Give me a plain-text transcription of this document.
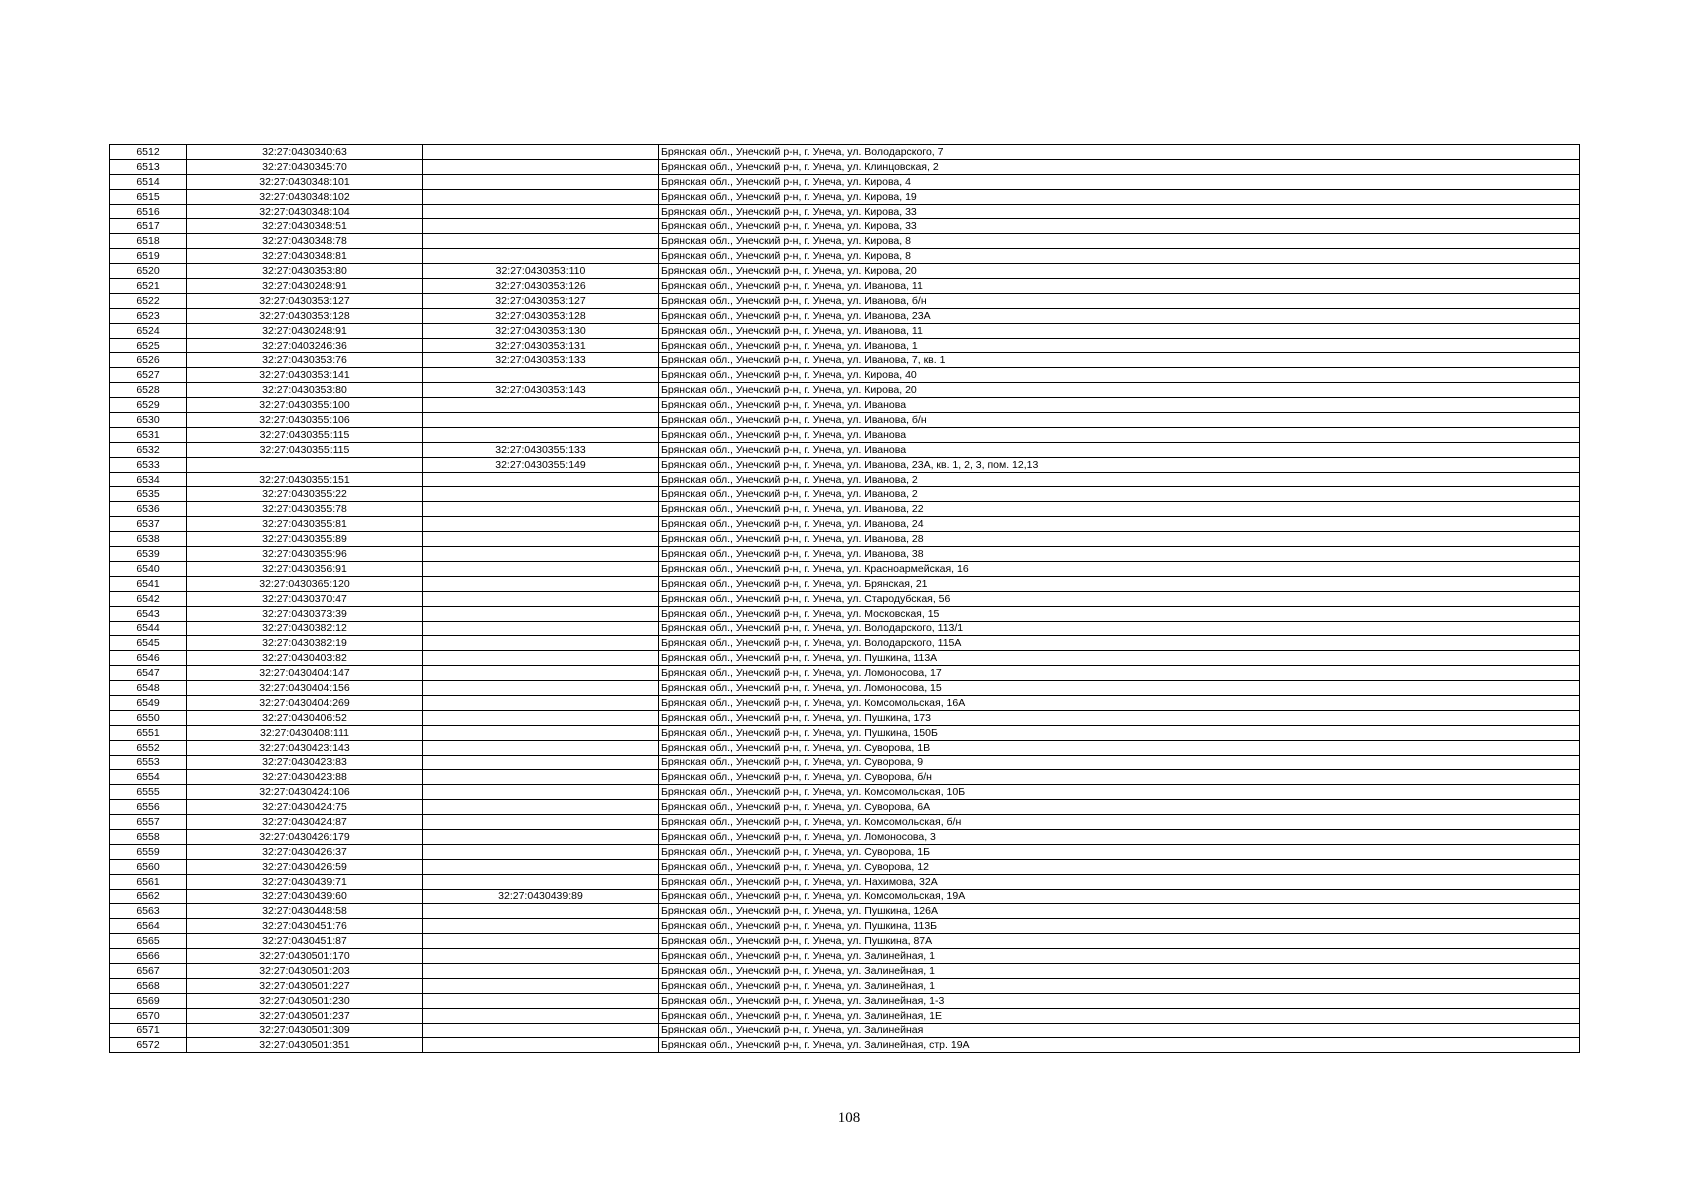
6512	32:27:0430340:63		Брянская обл., Унечский р-н, г. Унеча, ул. Володарского, 7
6513	32:27:0430345:70		Брянская обл., Унечский р-н, г. Унеча, ул. Клинцовская, 2
6514	32:27:0430348:101		Брянская обл., Унечский р-н, г. Унеча, ул. Кирова, 4
6515	32:27:0430348:102		Брянская обл., Унечский р-н, г. Унеча, ул. Кирова, 19
6516	32:27:0430348:104		Брянская обл., Унечский р-н, г. Унеча, ул. Кирова, 33
6517	32:27:0430348:51		Брянская обл., Унечский р-н, г. Унеча, ул. Кирова, 33
6518	32:27:0430348:78		Брянская обл., Унечский р-н, г. Унеча, ул. Кирова, 8
6519	32:27:0430348:81		Брянская обл., Унечский р-н, г. Унеча, ул. Кирова, 8
6520	32:27:0430353:80	32:27:0430353:110	Брянская обл., Унечский р-н, г. Унеча, ул. Кирова, 20
6521	32:27:0430248:91	32:27:0430353:126	Брянская обл., Унечский р-н, г. Унеча, ул. Иванова, 11
6522	32:27:0430353:127	32:27:0430353:127	Брянская обл., Унечский р-н, г. Унеча, ул. Иванова, б/н
6523	32:27:0430353:128	32:27:0430353:128	Брянская обл., Унечский р-н, г. Унеча, ул. Иванова, 23А
6524	32:27:0430248:91	32:27:0430353:130	Брянская обл., Унечский р-н, г. Унеча, ул. Иванова, 11
6525	32:27:0403246:36	32:27:0430353:131	Брянская обл., Унечский р-н, г. Унеча, ул. Иванова, 1
6526	32:27:0430353:76	32:27:0430353:133	Брянская обл., Унечский р-н, г. Унеча, ул. Иванова, 7, кв. 1
6527	32:27:0430353:141		Брянская обл., Унечский р-н, г. Унеча, ул. Кирова, 40
6528	32:27:0430353:80	32:27:0430353:143	Брянская обл., Унечский р-н, г. Унеча, ул. Кирова, 20
6529	32:27:0430355:100		Брянская обл., Унечский р-н, г. Унеча, ул. Иванова
6530	32:27:0430355:106		Брянская обл., Унечский р-н, г. Унеча, ул. Иванова, б/н
6531	32:27:0430355:115		Брянская обл., Унечский р-н, г. Унеча, ул. Иванова
6532	32:27:0430355:115	32:27:0430355:133	Брянская обл., Унечский р-н, г. Унеча, ул. Иванова
6533		32:27:0430355:149	Брянская обл., Унечский р-н, г. Унеча, ул. Иванова, 23А, кв. 1, 2, 3, пом. 12,13
6534	32:27:0430355:151		Брянская обл., Унечский р-н, г. Унеча, ул. Иванова, 2
6535	32:27:0430355:22		Брянская обл., Унечский р-н, г. Унеча, ул. Иванова, 2
6536	32:27:0430355:78		Брянская обл., Унечский р-н, г. Унеча, ул. Иванова, 22
6537	32:27:0430355:81		Брянская обл., Унечский р-н, г. Унеча, ул. Иванова, 24
6538	32:27:0430355:89		Брянская обл., Унечский р-н, г. Унеча, ул. Иванова, 28
6539	32:27:0430355:96		Брянская обл., Унечский р-н, г. Унеча, ул. Иванова, 38
6540	32:27:0430356:91		Брянская обл., Унечский р-н, г. Унеча, ул. Красноармейская, 16
6541	32:27:0430365:120		Брянская обл., Унечский р-н, г. Унеча, ул. Брянская, 21
6542	32:27:0430370:47		Брянская обл., Унечский р-н, г. Унеча, ул. Стародубская, 56
6543	32:27:0430373:39		Брянская обл., Унечский р-н, г. Унеча, ул. Московская, 15
6544	32:27:0430382:12		Брянская обл., Унечский р-н, г. Унеча, ул. Володарского, 113/1
6545	32:27:0430382:19		Брянская обл., Унечский р-н, г. Унеча, ул. Володарского, 115А
6546	32:27:0430403:82		Брянская обл., Унечский р-н, г. Унеча, ул. Пушкина, 113А
6547	32:27:0430404:147		Брянская обл., Унечский р-н, г. Унеча, ул. Ломоносова, 17
6548	32:27:0430404:156		Брянская обл., Унечский р-н, г. Унеча, ул. Ломоносова, 15
6549	32:27:0430404:269		Брянская обл., Унечский р-н, г. Унеча, ул. Комсомольская, 16А
6550	32:27:0430406:52		Брянская обл., Унечский р-н, г. Унеча, ул. Пушкина, 173
6551	32:27:0430408:111		Брянская обл., Унечский р-н, г. Унеча, ул. Пушкина, 150Б
6552	32:27:0430423:143		Брянская обл., Унечский р-н, г. Унеча, ул. Суворова, 1В
6553	32:27:0430423:83		Брянская обл., Унечский р-н, г. Унеча, ул. Суворова, 9
6554	32:27:0430423:88		Брянская обл., Унечский р-н, г. Унеча, ул. Суворова, б/н
6555	32:27:0430424:106		Брянская обл., Унечский р-н, г. Унеча, ул. Комсомольская, 10Б
6556	32:27:0430424:75		Брянская обл., Унечский р-н, г. Унеча, ул. Суворова, 6А
6557	32:27:0430424:87		Брянская обл., Унечский р-н, г. Унеча, ул. Комсомольская, б/н
6558	32:27:0430426:179		Брянская обл., Унечский р-н, г. Унеча, ул. Ломоносова, 3
6559	32:27:0430426:37		Брянская обл., Унечский р-н, г. Унеча, ул. Суворова, 1Б
6560	32:27:0430426:59		Брянская обл., Унечский р-н, г. Унеча, ул. Суворова, 12
6561	32:27:0430439:71		Брянская обл., Унечский р-н, г. Унеча, ул. Нахимова, 32А
6562	32:27:0430439:60	32:27:0430439:89	Брянская обл., Унечский р-н, г. Унеча, ул. Комсомольская, 19А
6563	32:27:0430448:58		Брянская обл., Унечский р-н, г. Унеча, ул. Пушкина, 126А
6564	32:27:0430451:76		Брянская обл., Унечский р-н, г. Унеча, ул. Пушкина, 113Б
6565	32:27:0430451:87		Брянская обл., Унечский р-н, г. Унеча, ул. Пушкина, 87А
6566	32:27:0430501:170		Брянская обл., Унечский р-н, г. Унеча, ул. Залинейная, 1
6567	32:27:0430501:203		Брянская обл., Унечский р-н, г. Унеча, ул. Залинейная, 1
6568	32:27:0430501:227		Брянская обл., Унечский р-н, г. Унеча, ул. Залинейная, 1
6569	32:27:0430501:230		Брянская обл., Унечский р-н, г. Унеча, ул. Залинейная, 1-3
6570	32:27:0430501:237		Брянская обл., Унечский р-н, г. Унеча, ул. Залинейная, 1Е
6571	32:27:0430501:309		Брянская обл., Унечский р-н, г. Унеча, ул. Залинейная
6572	32:27:0430501:351		Брянская обл., Унечский р-н, г. Унеча, ул. Залинейная, стр. 19А
108
